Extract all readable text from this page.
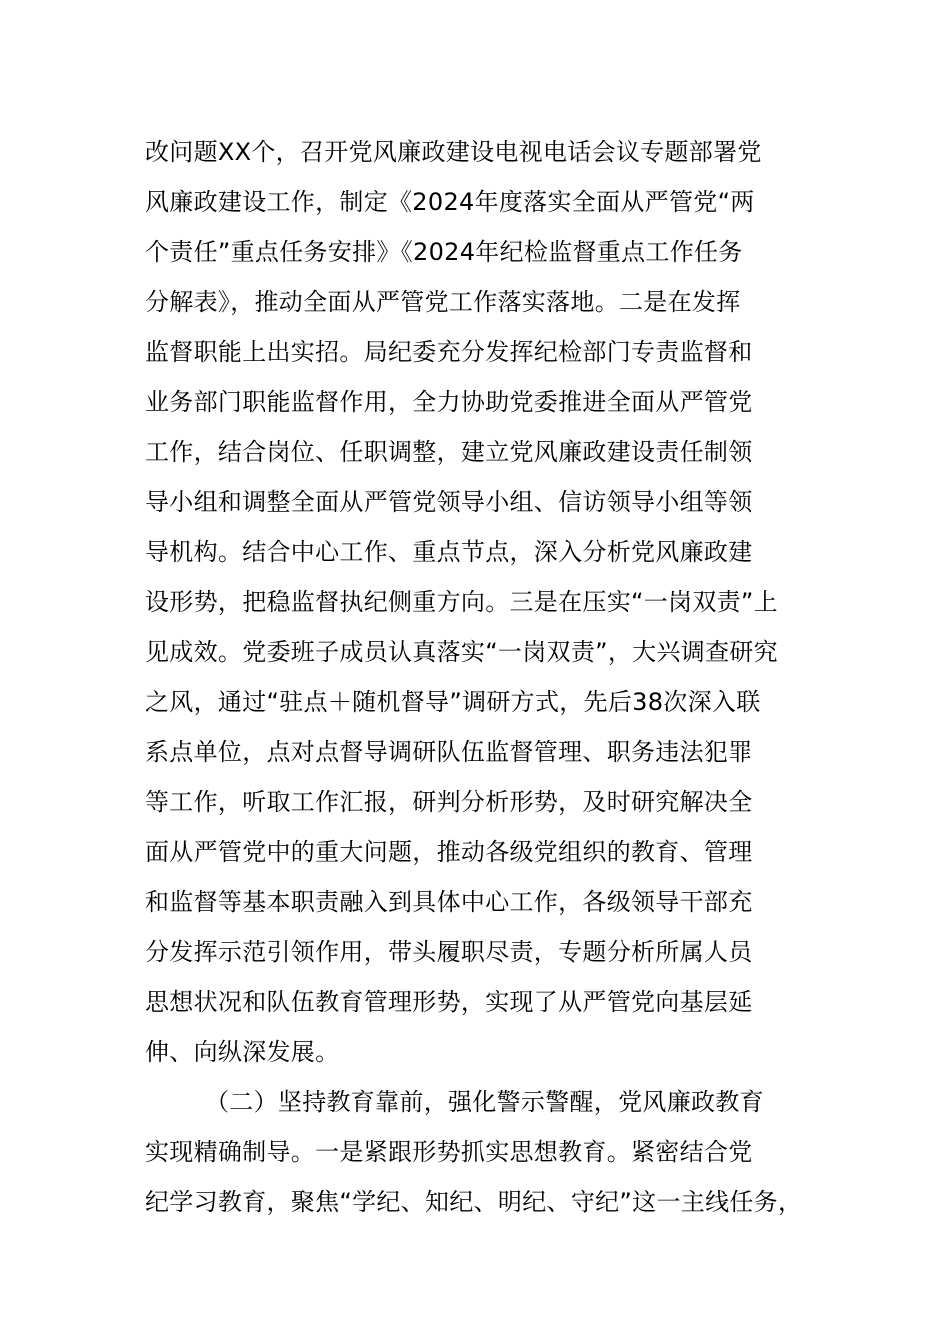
改问题XX个，召开党风廉政建设电视电话会议专题部署党
风廉政建设工作，制定《2024年度落实全面从严管党“两
个责任”重点任务安排》《2024年纪检监督重点工作任务
分解表》，推动全面从严管党工作落实落地。二是在发挥
监督职能上出实招。局纪委充分发挥纪检部门专责监督和
业务部门职能监督作用，全力协助党委推进全面从严管党
工作，结合岗位、任职调整，建立党风廉政建设责任制领
导小组和调整全面从严管党领导小组、信访领导小组等领
导机构。结合中心工作、重点节点，深入分析党风廉政建
设形势，把稳监督执纪侧重方向。三是在压实“一岗双责”上
见成效。党委班子成员认真落实“一岗双责”，大兴调查研究
之风，通过“驻点＋随机督导”调研方式，先后38次深入联
系点单位，点对点督导调研队伍监督管理、职务违法犯罪
等工作，听取工作汇报，研判分析形势，及时研究解决全
面从严管党中的重大问题，推动各级党组织的教育、管理
和监督等基本职责融入到具体中心工作，各级领导干部充
分发挥示范引领作用，带头履职尽责，专题分析所属人员
思想状况和队伍教育管理形势，实现了从严管党向基层延
伸、向纵深发展。
（二）坚持教育靠前，强化警示警醒，党风廉政教育
实现精确制导。一是紧跟形势抓实思想教育。紧密结合党
纪学习教育，聚焦“学纪、知纪、明纪、守纪”这一主线任务，
